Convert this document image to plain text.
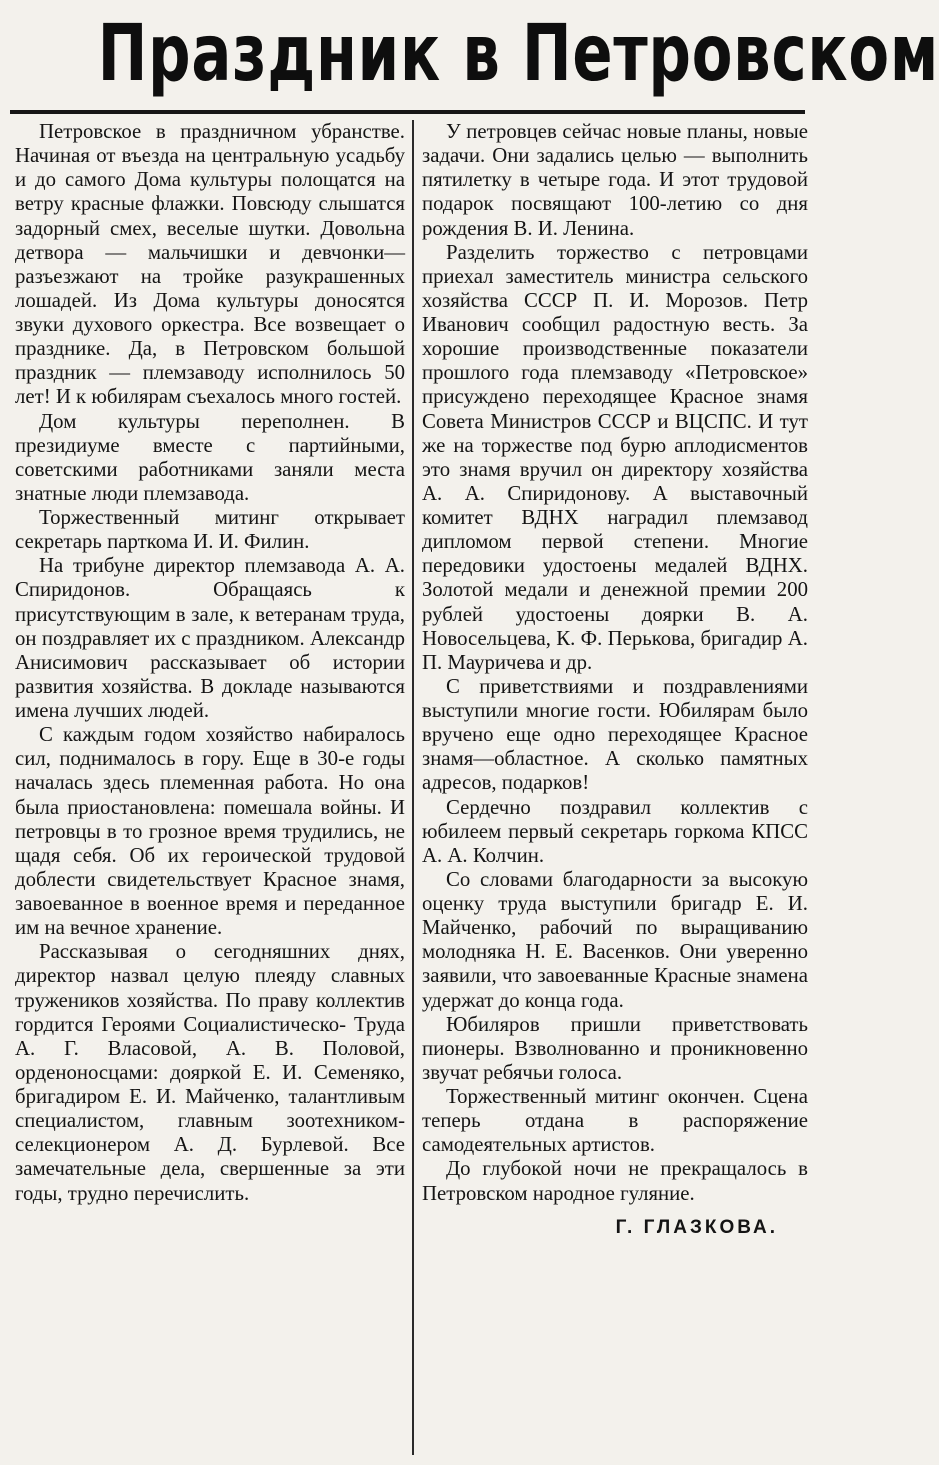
Праздник в Петровском

Петровское в праздничном убранстве. Начиная от въезда на центральную усадьбу и до самого Дома культуры полощатся на ветру красные флажки. Повсюду слышатся задорный смех, веселые шутки. Довольна детвора — мальчишки и девчонки—разъезжают на тройке разукрашенных лошадей. Из Дома культуры доносятся звуки духового оркестра. Все возвещает о празднике. Да, в Петровском большой праздник — племзаводу исполнилось 50 лет! И к юбилярам съехалось много гостей.

Дом культуры переполнен. В президиуме вместе с партийными, советскими работниками заняли места знатные люди племзавода.

Торжественный митинг открывает секретарь парткома И. И. Филин.

На трибуне директор племзавода А. А. Спиридонов. Обращаясь к присутствующим в зале, к ветеранам труда, он поздравляет их с праздником. Александр Анисимович рассказывает об истории развития хозяйства. В докладе называются имена лучших людей.

С каждым годом хозяйство набиралось сил, поднималось в гору. Еще в 30-е годы началась здесь племенная работа. Но она была приостановлена: помешала войны. И петровцы в то грозное время трудились, не щадя себя. Об их героической трудовой доблести свидетельствует Красное знамя, завоеванное в военное время и переданное им на вечное хранение.

Рассказывая о сегодняшних днях, директор назвал целую плеяду славных тружеников хозяйства. По праву коллектив гордится Героями Социалистическо- Труда А. Г. Власовой, А. В. Половой, орденоносцами: дояркой Е. И. Семеняко, бригадиром Е. И. Майченко, талантливым специалистом, главным зоотехником-селекционером А. Д. Бурлевой. Все замечательные дела, свершенные за эти годы, трудно перечислить.

У петровцев сейчас новые планы, новые задачи. Они задались целью — выполнить пятилетку в четыре года. И этот трудовой подарок посвящают 100-летию со дня рождения В. И. Ленина.

Разделить торжество с петровцами приехал заместитель министра сельского хозяйства СССР П. И. Морозов. Петр Иванович сообщил радостную весть. За хорошие производственные показатели прошлого года племзаводу «Петровское» присуждено переходящее Красное знамя Совета Министров СССР и ВЦСПС. И тут же на торжестве под бурю аплодисментов это знамя вручил он директору хозяйства А. А. Спиридонову. А выставочный комитет ВДНХ наградил племзавод дипломом первой степени. Многие передовики удостоены медалей ВДНХ. Золотой медали и денежной премии 200 рублей удостоены доярки В. А. Новосельцева, К. Ф. Перькова, бригадир А. П. Мауричева и др.

С приветствиями и поздравлениями выступили многие гости. Юбилярам было вручено еще одно переходящее Красное знамя—областное. А сколько памятных адресов, подарков!

Сердечно поздравил коллектив с юбилеем первый секретарь горкома КПСС А. А. Колчин.

Со словами благодарности за высокую оценку труда выступили бригадр Е. И. Майченко, рабочий по выращиванию молодняка Н. Е. Васенков. Они уверенно заявили, что завоеванные Красные знамена удержат до конца года.

Юбиляров пришли приветствовать пионеры. Взволнованно и проникновенно звучат ребячьи голоса.

Торжественный митинг окончен. Сцена теперь отдана в распоряжение самодеятельных артистов.

До глубокой ночи не прекращалось в Петровском народное гуляние.

Г. ГЛАЗКОВА.
